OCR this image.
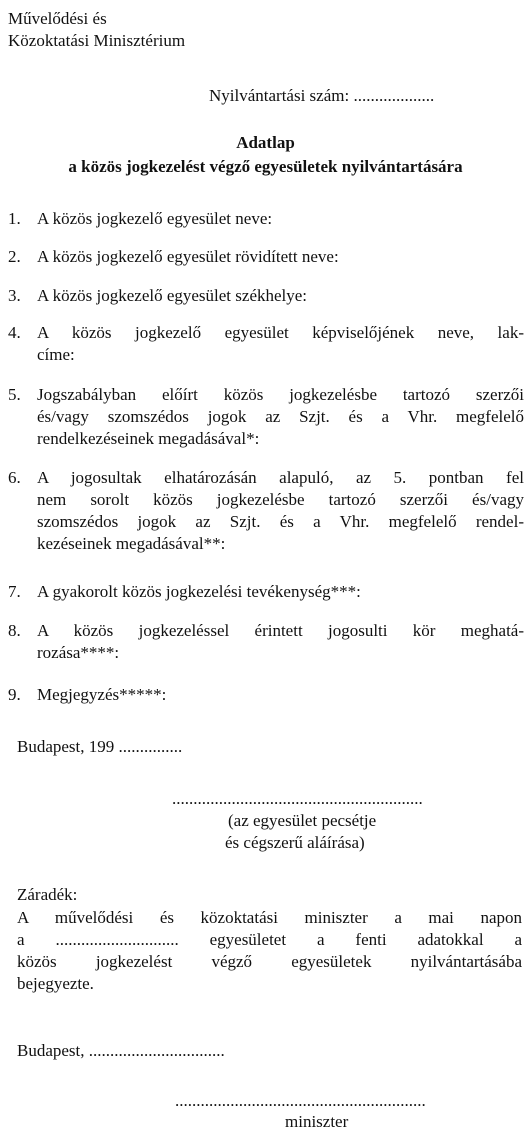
Művelődési és
Közoktatási Minisztérium
Nyilvántartási szám: ...................
Adatlap
a közös jogkezelést végző egyesületek nyilvántartására
1. A közös jogkezelő egyesület neve:
2. A közös jogkezelő egyesület rövidített neve:
3. A közös jogkezelő egyesület székhelye:
4. A közös jogkezelő egyesület képviselőjének neve, lak-
címe:
5. Jogszabályban előírt közös jogkezelésbe tartozó szerzői
és/vagy szomszédos jogok az Szjt. és a Vhr. megfelelő
rendelkezéseinek megadásával*:
6. A jogosultak elhatározásán alapuló, az 5. pontban fel
nem sorolt közös jogkezelésbe tartozó szerzői és/vagy
szomszédos jogok az Szjt. és a Vhr. megfelelő rendel-
kezéseinek megadásával**:
7. A gyakorolt közös jogkezelési tevékenység***:
8. A közös jogkezeléssel érintett jogosulti kör meghatá-
rozása****:
9. Megjegyzés*****:
Budapest, 199 ...............
...........................................................
(az egyesület pecsétje
és cégszerű aláírása)
Záradék:
A művelődési és közoktatási miniszter a mai napon
a ............................. egyesületet a fenti adatokkal a
közös jogkezelést végző egyesületek nyilvántartásába
bejegyezte.
Budapest, ................................
...........................................................
miniszter
